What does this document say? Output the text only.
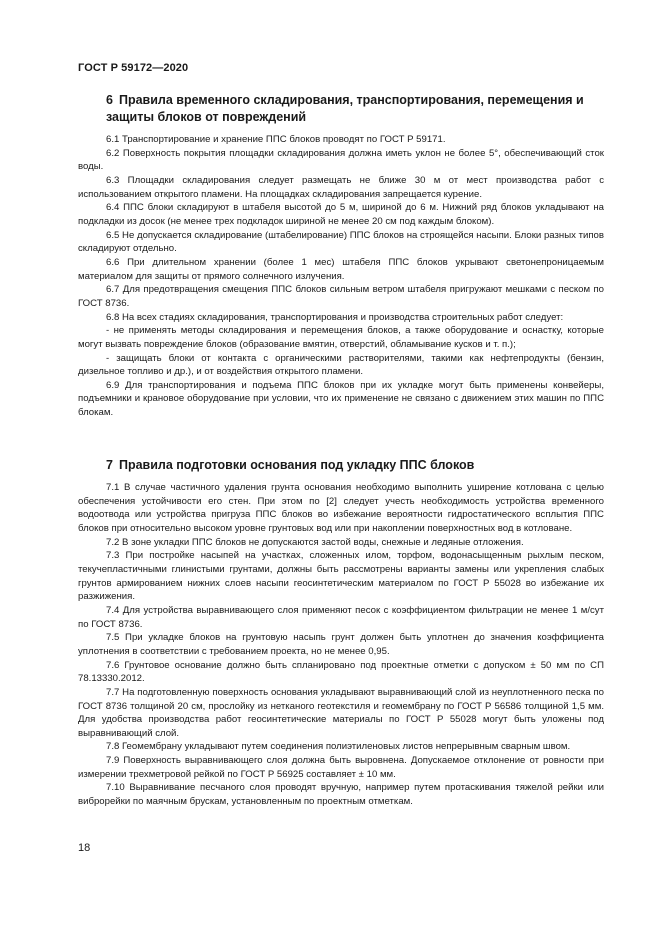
ГОСТ Р 59172—2020
6 Правила временного складирования, транспортирования, перемещения и защиты блоков от повреждений

6.1 Транспортирование и хранение ППС блоков проводят по ГОСТ Р 59171.

6.2 Поверхность покрытия площадки складирования должна иметь уклон не более 5°, обеспечивающий сток воды.

6.3 Площадки складирования следует размещать не ближе 30 м от мест производства работ с использованием открытого пламени. На площадках складирования запрещается курение.

6.4 ППС блоки складируют в штабеля высотой до 5 м, шириной до 6 м. Нижний ряд блоков укладывают на подкладки из досок (не менее трех подкладок шириной не менее 20 см под каждым блоком).

6.5 Не допускается складирование (штабелирование) ППС блоков на строящейся насыпи. Блоки разных типов складируют отдельно.

6.6 При длительном хранении (более 1 мес) штабеля ППС блоков укрывают светонепроницаемым материалом для защиты от прямого солнечного излучения.

6.7 Для предотвращения смещения ППС блоков сильным ветром штабеля пригружают мешками с песком по ГОСТ 8736.

6.8 На всех стадиях складирования, транспортирования и производства строительных работ следует:

- не применять методы складирования и перемещения блоков, а также оборудование и оснастку, которые могут вызвать повреждение блоков (образование вмятин, отверстий, обламывание кусков и т. п.);

- защищать блоки от контакта с органическими растворителями, такими как нефтепродукты (бензин, дизельное топливо и др.), и от воздействия открытого пламени.

6.9 Для транспортирования и подъема ППС блоков при их укладке могут быть применены конвейеры, подъемники и крановое оборудование при условии, что их применение не связано с движением этих машин по ППС блокам.

7 Правила подготовки основания под укладку ППС блоков

7.1 В случае частичного удаления грунта основания необходимо выполнить уширение котлована с целью обеспечения устойчивости его стен. При этом по [2] следует учесть необходимость устройства временного водоотвода или устройства пригруза ППС блоков во избежание вероятности гидростатического всплытия ППС блоков при относительно высоком уровне грунтовых вод или при накоплении поверхностных вод в котловане.

7.2 В зоне укладки ППС блоков не допускаются застой воды, снежные и ледяные отложения.

7.3 При постройке насыпей на участках, сложенных илом, торфом, водонасыщенным рыхлым песком, текучепластичными глинистыми грунтами, должны быть рассмотрены варианты замены или укрепления слабых грунтов армированием нижних слоев насыпи геосинтетическим материалом по ГОСТ Р 55028 во избежание их разжижения.

7.4 Для устройства выравнивающего слоя применяют песок с коэффициентом фильтрации не менее 1 м/сут по ГОСТ 8736.

7.5 При укладке блоков на грунтовую насыпь грунт должен быть уплотнен до значения коэффициента уплотнения в соответствии с требованием проекта, но не менее 0,95.

7.6 Грунтовое основание должно быть спланировано под проектные отметки с допуском ± 50 мм по СП 78.13330.2012.

7.7 На подготовленную поверхность основания укладывают выравнивающий слой из неуплотненного песка по ГОСТ 8736 толщиной 20 см, прослойку из нетканого геотекстиля и геомембрану по ГОСТ Р 56586 толщиной 1,5 мм. Для удобства производства работ геосинтетические материалы по ГОСТ Р 55028 могут быть уложены под выравнивающий слой.

7.8 Геомембрану укладывают путем соединения полиэтиленовых листов непрерывным сварным швом.

7.9 Поверхность выравнивающего слоя должна быть выровнена. Допускаемое отклонение от ровности при измерении трехметровой рейкой по ГОСТ Р 56925 составляет ± 10 мм.

7.10 Выравнивание песчаного слоя проводят вручную, например путем протаскивания тяжелой рейки или виброрейки по маячным брускам, установленным по проектным отметкам.

18
